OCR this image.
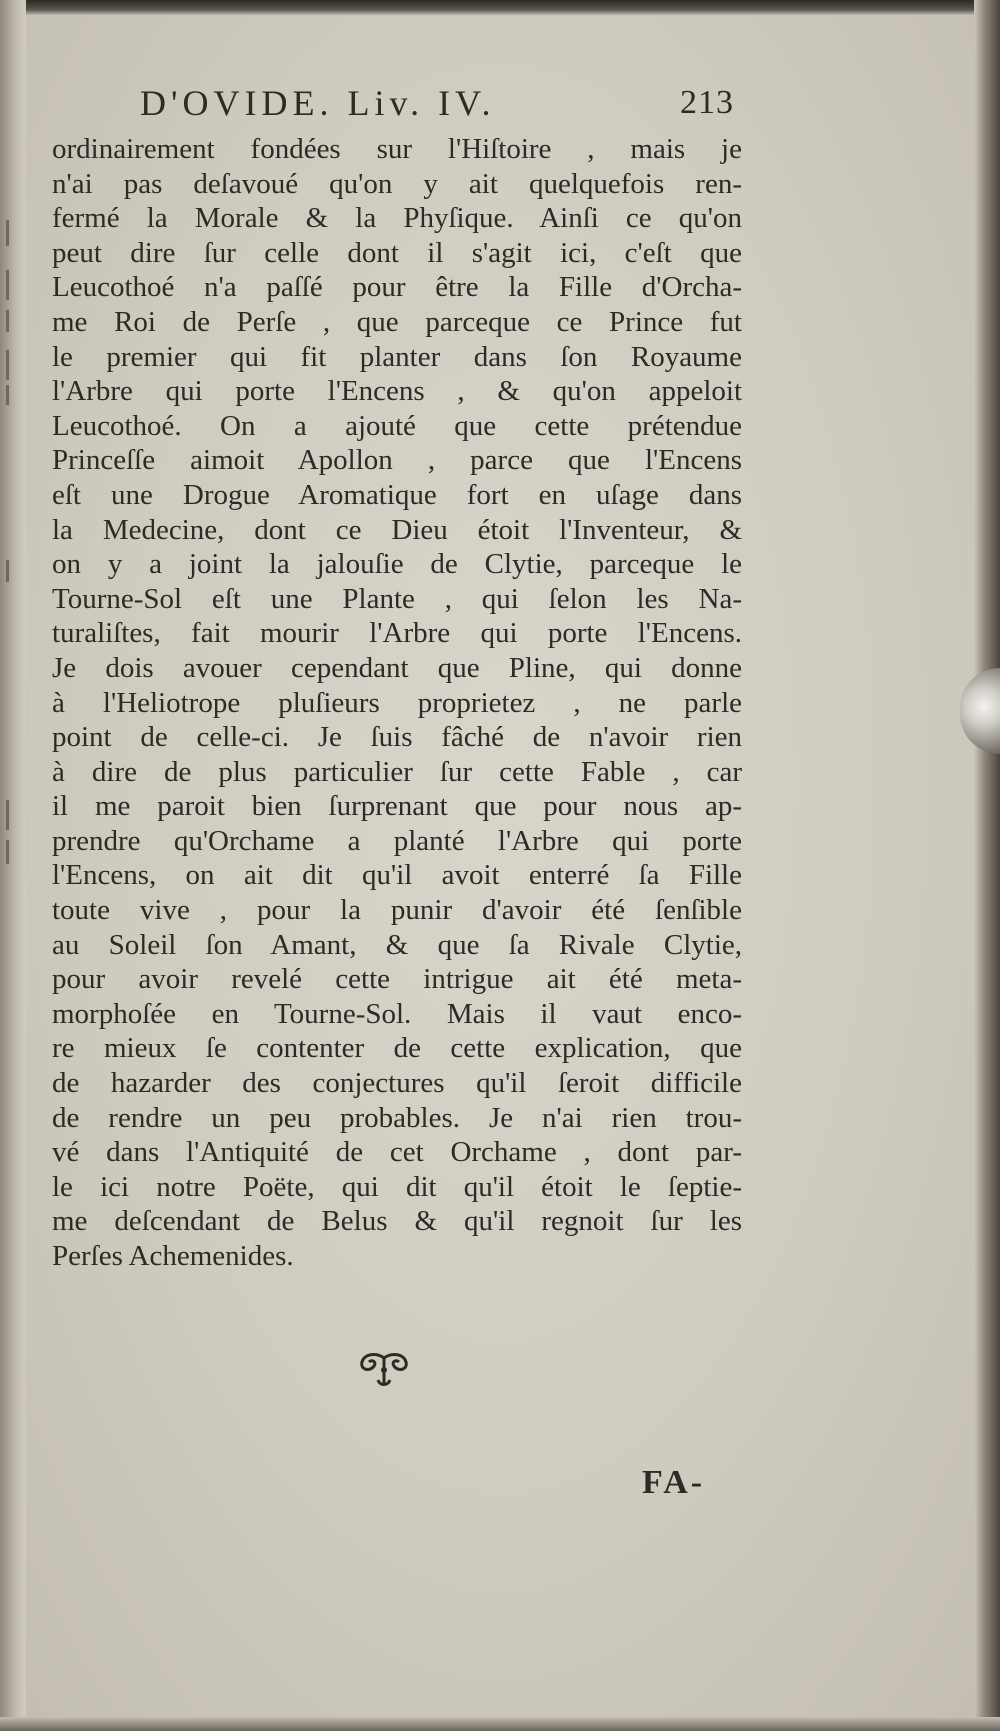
D'OVIDE. Liv. IV.	213
ordinairement fondées sur l'Hiſtoire , mais je
n'ai pas deſavoué qu'on y ait quelquefois ren-
fermé la Morale & la Phyſique. Ainſi ce qu'on
peut dire ſur celle dont il s'agit ici, c'eſt que
Leucothoé n'a paſſé pour être la Fille d'Orcha-
me Roi de Perſe , que parceque ce Prince fut
le premier qui fit planter dans ſon Royaume
l'Arbre qui porte l'Encens , & qu'on appeloit
Leucothoé. On a ajouté que cette prétendue
Princeſſe aimoit Apollon , parce que l'Encens
eſt une Drogue Aromatique fort en uſage dans
la Medecine, dont ce Dieu étoit l'Inventeur, &
on y a joint la jalouſie de Clytie, parceque le
Tourne-Sol eſt une Plante , qui ſelon les Na-
turaliſtes, fait mourir l'Arbre qui porte l'Encens.
Je dois avouer cependant que Pline, qui donne
à l'Heliotrope pluſieurs proprietez , ne parle
point de celle-ci. Je ſuis fâché de n'avoir rien
à dire de plus particulier ſur cette Fable , car
il me paroit bien ſurprenant que pour nous ap-
prendre qu'Orchame a planté l'Arbre qui porte
l'Encens, on ait dit qu'il avoit enterré ſa Fille
toute vive , pour la punir d'avoir été ſenſible
au Soleil ſon Amant, & que ſa Rivale Clytie,
pour avoir revelé cette intrigue ait été meta-
morphoſée en Tourne-Sol. Mais il vaut enco-
re mieux ſe contenter de cette explication, que
de hazarder des conjectures qu'il ſeroit difficile
de rendre un peu probables. Je n'ai rien trou-
vé dans l'Antiquité de cet Orchame , dont par-
le ici notre Poëte, qui dit qu'il étoit le ſeptie-
me deſcendant de Belus & qu'il regnoit ſur les
Perſes Achemenides.
FA-
